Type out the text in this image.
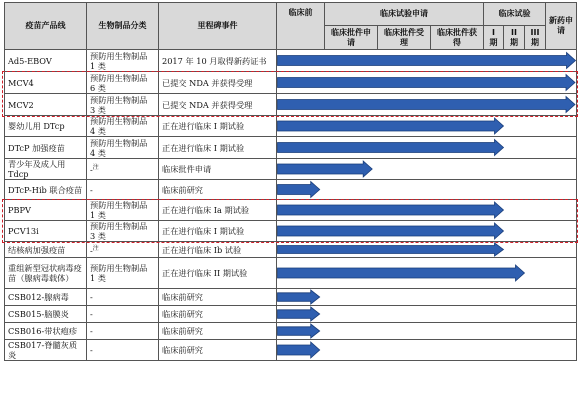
疫苗产品线	生物制品分类	里程碑事件	临床前	临床试验申请			临床试验			新药申请
				临床批件申请	临床批件受理	临床批件获得	I 期	II 期	III 期	
Ad5-EBOV	预防用生物制品 1 类	2017 年 10 月取得新药证书								
MCV4	预防用生物制品 6 类	已提交 NDA 并获得受理								
MCV2	预防用生物制品 3 类	已提交 NDA 并获得受理								
婴幼儿用 DTcp	预防用生物制品 4 类	正在进行临床 I 期试验								
DTcP 加强疫苗	预防用生物制品 4 类	正在进行临床 I 期试验								
青少年及成人用 Tdcp	-$^注$	临床批件申请								
DTcP-Hib 联合疫苗	-	临床前研究								
PBPV	预防用生物制品 1 类	正在进行临床 Ia 期试验								
PCV13i	预防用生物制品 3 类	正在进行临床 I 期试验								
结核病加强疫苗	-$^注$	正在进行临床 Ib 试验								
重组新型冠状病毒疫苗（腺病毒载体）	预防用生物制品 1 类	正在进行临床 II 期试验								
CSB012-腺病毒	-	临床前研究								
CSB015-脑膜炎	-	临床前研究								
CSB016-带状疱疹	-	临床前研究								
CSB017-脊髓灰质炎	-	临床前研究								
